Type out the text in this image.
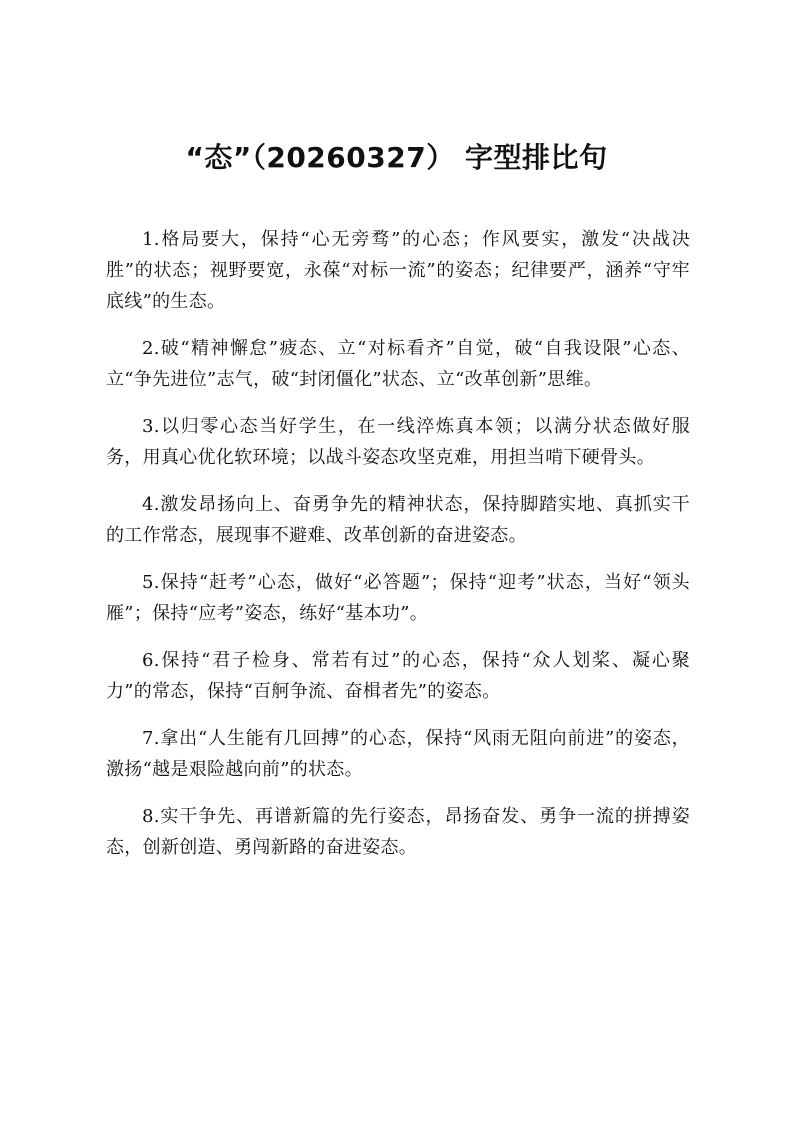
“态”（20260327） 字型排比句

1.格局要大，保持“心无旁骛”的心态；作风要实，激发“决战决胜”的状态；视野要宽，永葆“对标一流”的姿态；纪律要严，涵养“守牢底线”的生态。

2.破“精神懈怠”疲态、立“对标看齐”自觉，破“自我设限”心态、立“争先进位”志气，破“封闭僵化”状态、立“改革创新”思维。

3.以归零心态当好学生，在一线淬炼真本领；以满分状态做好服务，用真心优化软环境；以战斗姿态攻坚克难，用担当啃下硬骨头。

4.激发昂扬向上、奋勇争先的精神状态，保持脚踏实地、真抓实干的工作常态，展现事不避难、改革创新的奋进姿态。

5.保持“赶考”心态，做好“必答题”；保持“迎考”状态，当好“领头雁”；保持“应考”姿态，练好“基本功”。

6.保持“君子检身、常若有过”的心态，保持“众人划桨、凝心聚力”的常态，保持“百舸争流、奋楫者先”的姿态。

7.拿出“人生能有几回搏”的心态，保持“风雨无阻向前进”的姿态，激扬“越是艰险越向前”的状态。

8.实干争先、再谱新篇的先行姿态，昂扬奋发、勇争一流的拼搏姿态，创新创造、勇闯新路的奋进姿态。
